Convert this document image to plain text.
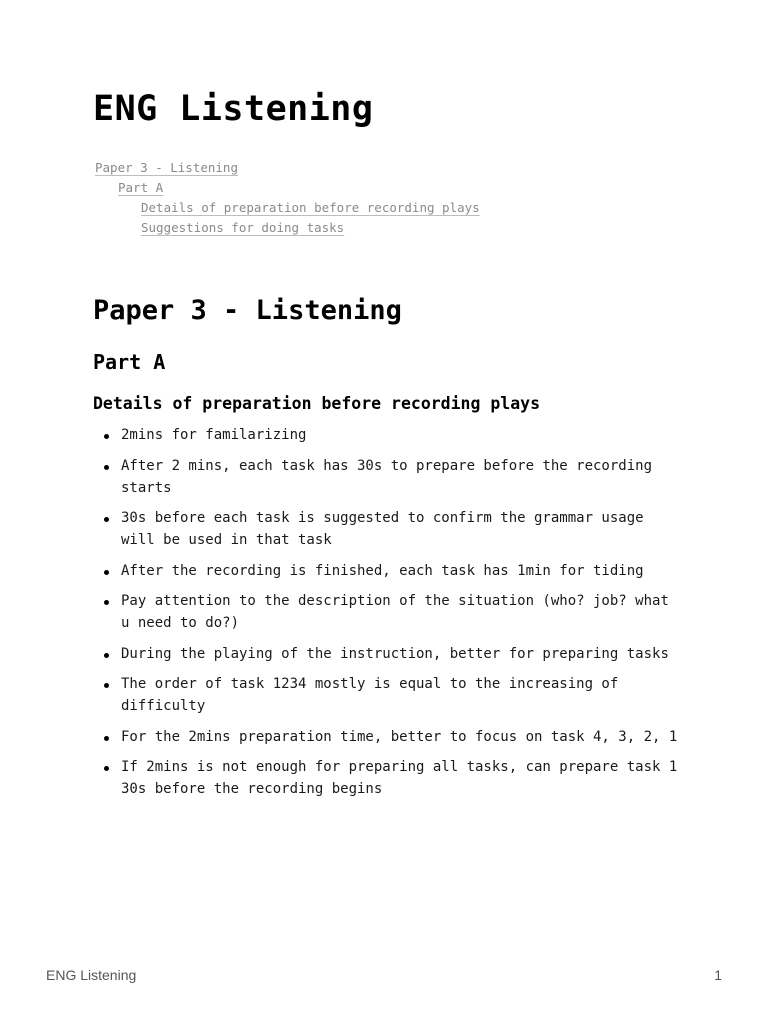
ENG Listening
Paper 3 - Listening
Part A
Details of preparation before recording plays
Suggestions for doing tasks
Paper 3 - Listening
Part A
Details of preparation before recording plays
2mins for familarizing
After 2 mins, each task has 30s to prepare before the recording starts
30s before each task is suggested to confirm the grammar usage will be used in that task
After the recording is finished, each task has 1min for tiding
Pay attention to the description of the situation (who? job? what u need to do?)
During the playing of the instruction, better for preparing tasks
The order of task 1234 mostly is equal to the increasing of difficulty
For the 2mins preparation time, better to focus on task 4, 3, 2, 1
If 2mins is not enough for preparing all tasks, can prepare task 1 30s before the recording begins
ENG Listening	1
